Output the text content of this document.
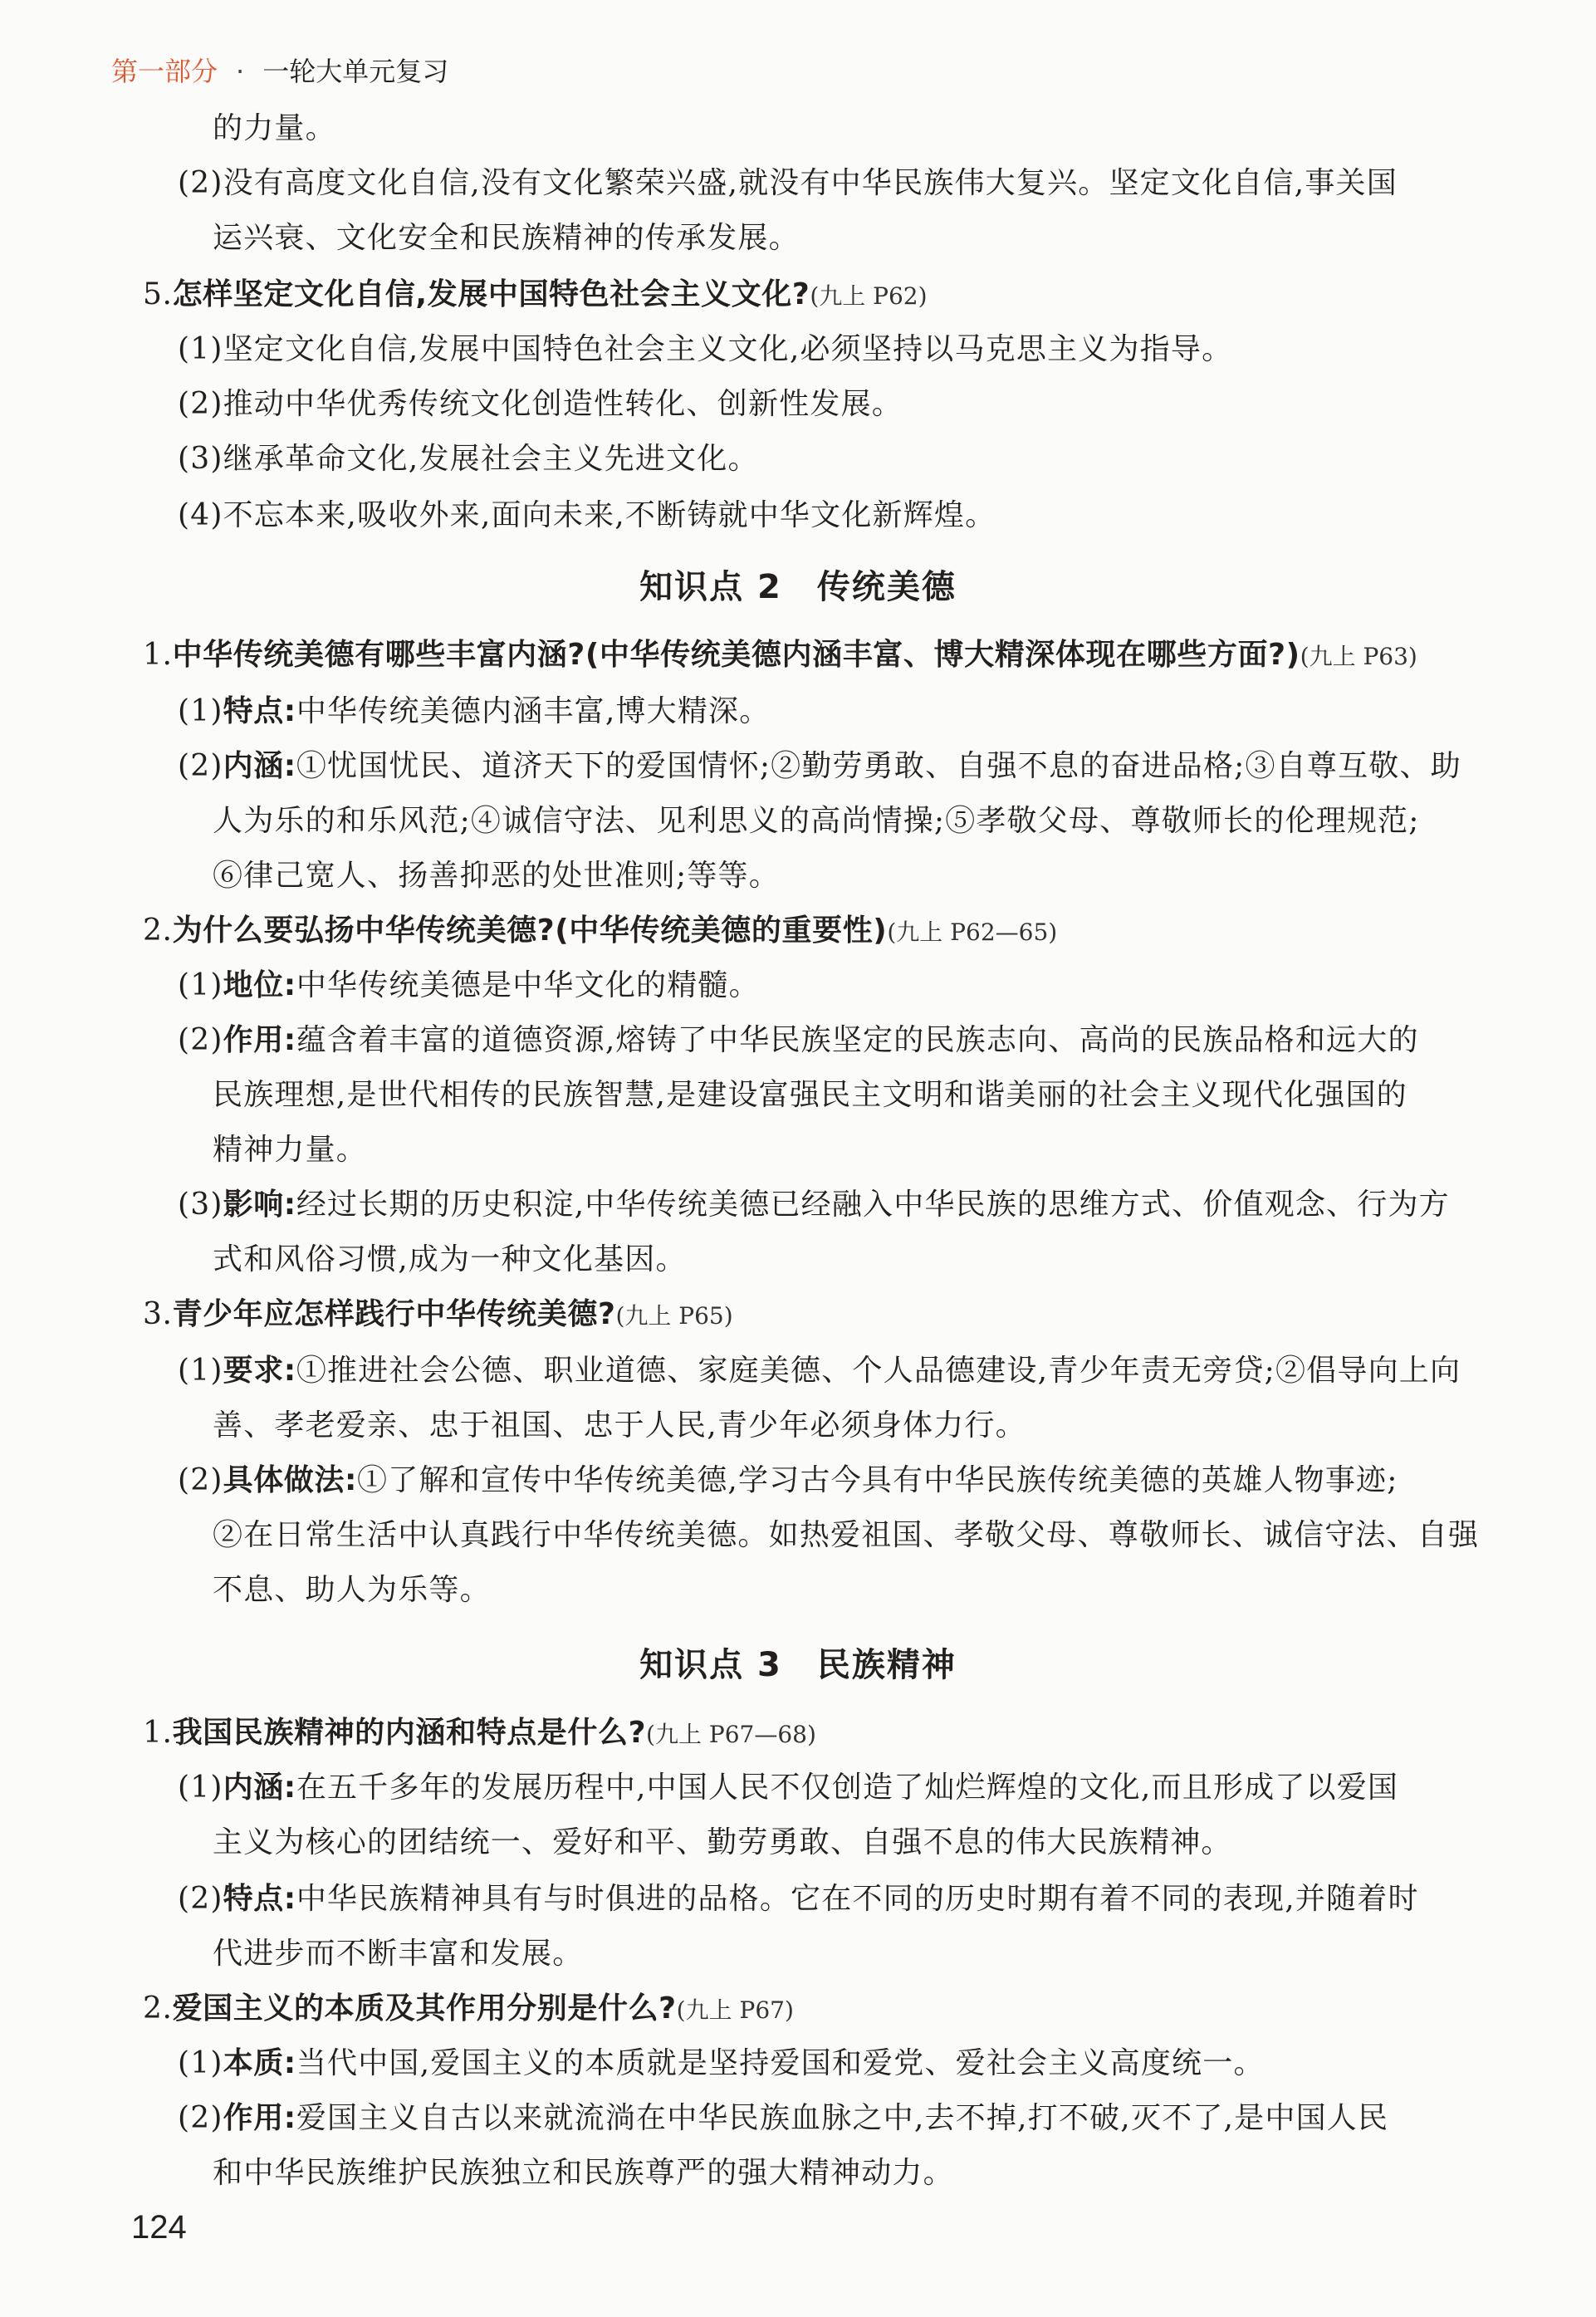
第一部分 · 一轮大单元复习
的力量。
(2)没有高度文化自信,没有文化繁荣兴盛,就没有中华民族伟大复兴。坚定文化自信,事关国
运兴衰、文化安全和民族精神的传承发展。
5.怎样坚定文化自信,发展中国特色社会主义文化?(九上 P62)
(1)坚定文化自信,发展中国特色社会主义文化,必须坚持以马克思主义为指导。
(2)推动中华优秀传统文化创造性转化、创新性发展。
(3)继承革命文化,发展社会主义先进文化。
(4)不忘本来,吸收外来,面向未来,不断铸就中华文化新辉煌。
知识点 2　传统美德
1.中华传统美德有哪些丰富内涵?(中华传统美德内涵丰富、博大精深体现在哪些方面?)(九上 P63)
(1)特点:中华传统美德内涵丰富,博大精深。
(2)内涵:①忧国忧民、道济天下的爱国情怀;②勤劳勇敢、自强不息的奋进品格;③自尊互敬、助
人为乐的和乐风范;④诚信守法、见利思义的高尚情操;⑤孝敬父母、尊敬师长的伦理规范;
⑥律己宽人、扬善抑恶的处世准则;等等。
2.为什么要弘扬中华传统美德?(中华传统美德的重要性)(九上 P62—65)
(1)地位:中华传统美德是中华文化的精髓。
(2)作用:蕴含着丰富的道德资源,熔铸了中华民族坚定的民族志向、高尚的民族品格和远大的
民族理想,是世代相传的民族智慧,是建设富强民主文明和谐美丽的社会主义现代化强国的
精神力量。
(3)影响:经过长期的历史积淀,中华传统美德已经融入中华民族的思维方式、价值观念、行为方
式和风俗习惯,成为一种文化基因。
3.青少年应怎样践行中华传统美德?(九上 P65)
(1)要求:①推进社会公德、职业道德、家庭美德、个人品德建设,青少年责无旁贷;②倡导向上向
善、孝老爱亲、忠于祖国、忠于人民,青少年必须身体力行。
(2)具体做法:①了解和宣传中华传统美德,学习古今具有中华民族传统美德的英雄人物事迹;
②在日常生活中认真践行中华传统美德。如热爱祖国、孝敬父母、尊敬师长、诚信守法、自强
不息、助人为乐等。
知识点 3　民族精神
1.我国民族精神的内涵和特点是什么?(九上 P67—68)
(1)内涵:在五千多年的发展历程中,中国人民不仅创造了灿烂辉煌的文化,而且形成了以爱国
主义为核心的团结统一、爱好和平、勤劳勇敢、自强不息的伟大民族精神。
(2)特点:中华民族精神具有与时俱进的品格。它在不同的历史时期有着不同的表现,并随着时
代进步而不断丰富和发展。
2.爱国主义的本质及其作用分别是什么?(九上 P67)
(1)本质:当代中国,爱国主义的本质就是坚持爱国和爱党、爱社会主义高度统一。
(2)作用:爱国主义自古以来就流淌在中华民族血脉之中,去不掉,打不破,灭不了,是中国人民
和中华民族维护民族独立和民族尊严的强大精神动力。
124
